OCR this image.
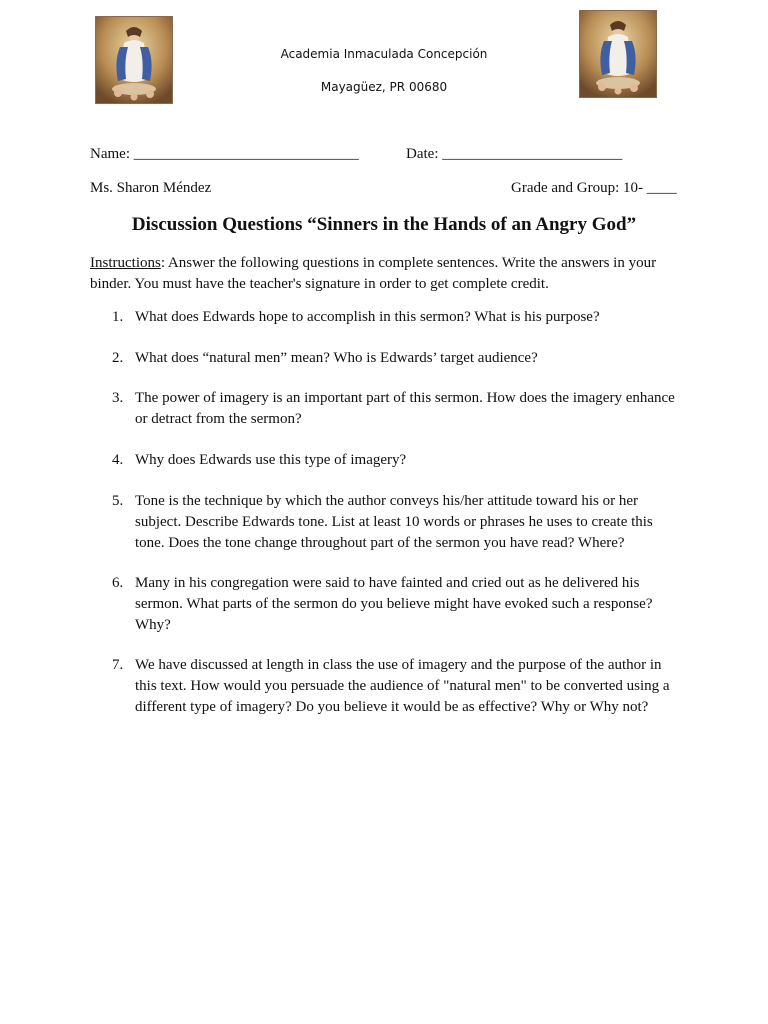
Academia Inmaculada Concepción
Mayagüez, PR 00680
Name: ______________________________	Date: ________________________
Ms. Sharon Méndez	Grade and Group: 10- ____
Discussion Questions “Sinners in the Hands of an Angry God”

Instructions: Answer the following questions in complete sentences. Write the answers in your binder. You must have the teacher's signature in order to get complete credit.

1. What does Edwards hope to accomplish in this sermon? What is his purpose?
2. What does “natural men” mean? Who is Edwards’ target audience?
3. The power of imagery is an important part of this sermon. How does the imagery enhance or detract from the sermon?
4. Why does Edwards use this type of imagery?
5. Tone is the technique by which the author conveys his/her attitude toward his or her subject. Describe Edwards tone. List at least 10 words or phrases he uses to create this tone. Does the tone change throughout part of the sermon you have read? Where?
6. Many in his congregation were said to have fainted and cried out as he delivered his sermon. What parts of the sermon do you believe might have evoked such a response? Why?
7. We have discussed at length in class the use of imagery and the purpose of the author in this text. How would you persuade the audience of "natural men" to be converted using a different type of imagery? Do you believe it would be as effective? Why or Why not?
